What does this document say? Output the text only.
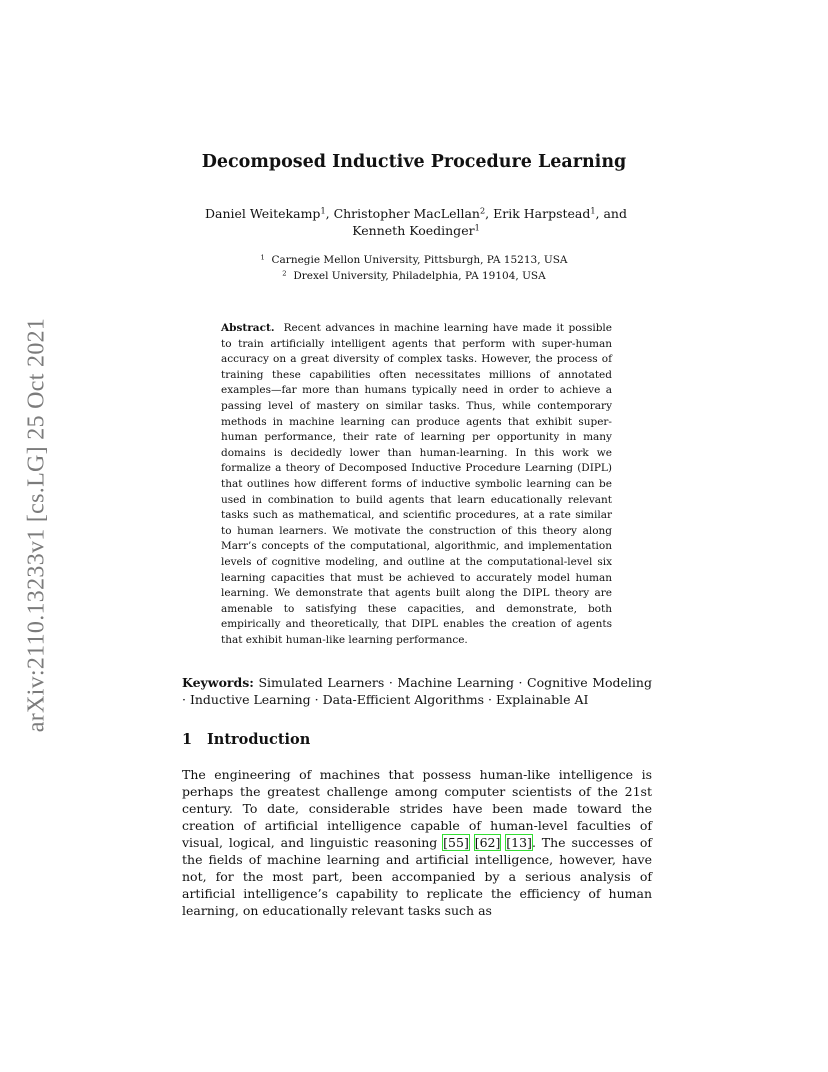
arXiv:2110.13233v1 [cs.LG] 25 Oct 2021
Decomposed Inductive Procedure Learning
Daniel Weitekamp$^1$, Christopher MacLellan$^2$, Erik Harpstead$^1$, and Kenneth Koedinger$^1$
$^1$ Carnegie Mellon University, Pittsburgh, PA 15213, USA
$^2$ Drexel University, Philadelphia, PA 19104, USA
Abstract. Recent advances in machine learning have made it possible to train artificially intelligent agents that perform with super-human accuracy on a great diversity of complex tasks. However, the process of training these capabilities often necessitates millions of annotated examples—far more than humans typically need in order to achieve a passing level of mastery on similar tasks. Thus, while contemporary methods in machine learning can produce agents that exhibit super-human performance, their rate of learning per opportunity in many domains is decidedly lower than human-learning. In this work we formalize a theory of Decomposed Inductive Procedure Learning (DIPL) that outlines how different forms of inductive symbolic learning can be used in combination to build agents that learn educationally relevant tasks such as mathematical, and scientific procedures, at a rate similar to human learners. We motivate the construction of this theory along Marr’s concepts of the computational, algorithmic, and implementation levels of cognitive modeling, and outline at the computational-level six learning capacities that must be achieved to accurately model human learning. We demonstrate that agents built along the DIPL theory are amenable to satisfying these capacities, and demonstrate, both empirically and theoretically, that DIPL enables the creation of agents that exhibit human-like learning performance.
Keywords: Simulated Learners · Machine Learning · Cognitive Modeling · Inductive Learning · Data-Efficient Algorithms · Explainable AI
1 Introduction
The engineering of machines that possess human-like intelligence is perhaps the greatest challenge among computer scientists of the 21st century. To date, considerable strides have been made toward the creation of artificial intelligence capable of human-level faculties of visual, logical, and linguistic reasoning [55] [62] [13]. The successes of the fields of machine learning and artificial intelligence, however, have not, for the most part, been accompanied by a serious analysis of artificial intelligence’s capability to replicate the efficiency of human learning, on educationally relevant tasks such as
